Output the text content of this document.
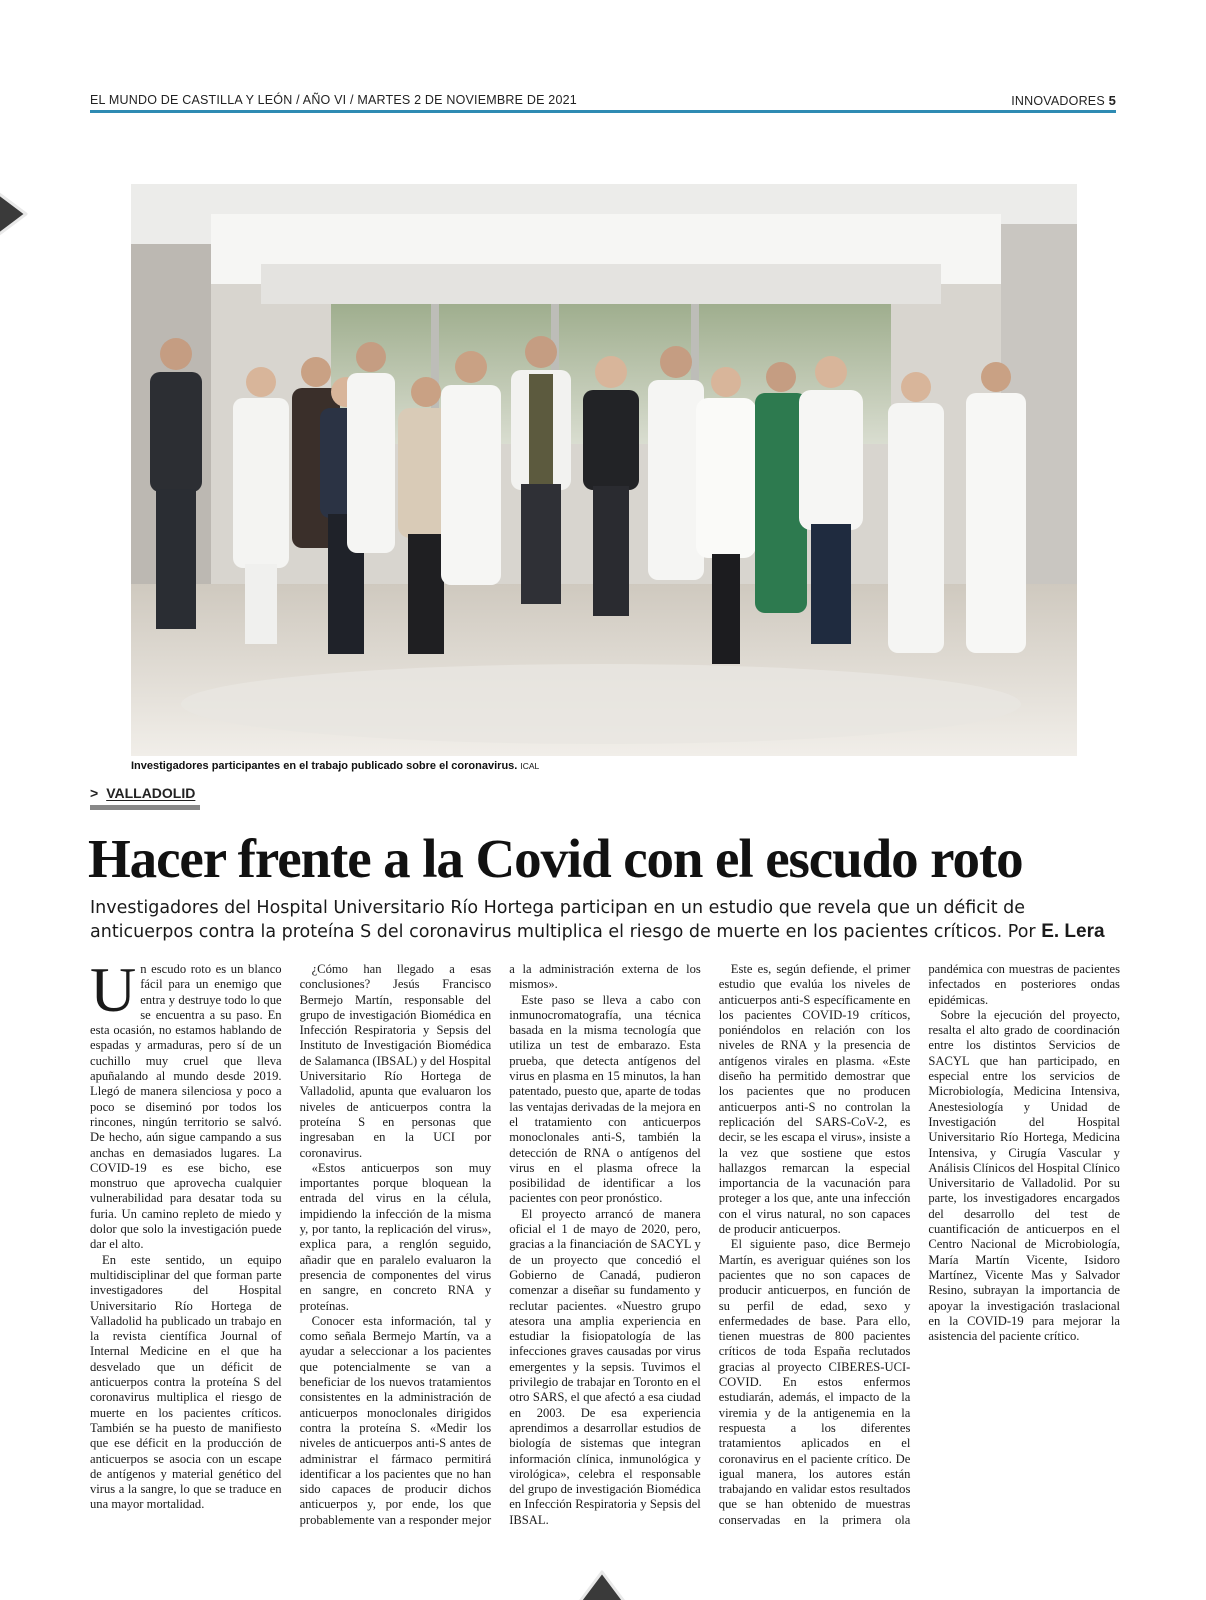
EL MUNDO DE CASTILLA Y LEÓN / AÑO VI / MARTES 2 DE NOVIEMBRE DE 2021	INNOVADORES 5
Investigadores participantes en el trabajo publicado sobre el coronavirus. ICAL
> VALLADOLID
Hacer frente a la Covid con el escudo roto
Investigadores del Hospital Universitario Río Hortega participan en un estudio que revela que un déficit de anticuerpos contra la proteína S del coronavirus multiplica el riesgo de muerte en los pacientes críticos. Por E. Lera

Un escudo roto es un blanco fácil para un enemigo que entra y destruye todo lo que se encuentra a su paso. En esta ocasión, no estamos hablando de espadas y armaduras, pero sí de un cuchillo muy cruel que lleva apuñalando al mundo desde 2019. Llegó de manera silenciosa y poco a poco se diseminó por todos los rincones, ningún territorio se salvó. De hecho, aún sigue campando a sus anchas en demasiados lugares. La COVID-19 es ese bicho, ese monstruo que aprovecha cualquier vulnerabilidad para desatar toda su furia. Un camino repleto de miedo y dolor que solo la investigación puede dar el alto.

En este sentido, un equipo multidisciplinar del que forman parte investigadores del Hospital Universitario Río Hortega de Valladolid ha publicado un trabajo en la revista científica Journal of Internal Medicine en el que ha desvelado que un déficit de anticuerpos contra la proteína S del coronavirus multiplica el riesgo de muerte en los pacientes críticos. También se ha puesto de manifiesto que ese déficit en la producción de anticuerpos se asocia con un escape de antígenos y material genético del virus a la sangre, lo que se traduce en una mayor mortalidad.

¿Cómo han llegado a esas conclusiones? Jesús Francisco Bermejo Martín, responsable del grupo de investigación Biomédica en Infección Respiratoria y Sepsis del Instituto de Investigación Biomédica de Salamanca (IBSAL) y del Hospital Universitario Río Hortega de Valladolid, apunta que evaluaron los niveles de anticuerpos contra la proteína S en personas que ingresaban en la UCI por coronavirus.

«Estos anticuerpos son muy importantes porque bloquean la entrada del virus en la célula, impidiendo la infección de la misma y, por tanto, la replicación del virus», explica para, a renglón seguido, añadir que en paralelo evaluaron la presencia de componentes del virus en sangre, en concreto RNA y proteínas.

Conocer esta información, tal y como señala Bermejo Martín, va a ayudar a seleccionar a los pacientes que potencialmente se van a beneficiar de los nuevos tratamientos consistentes en la administración de anticuerpos monoclonales dirigidos contra la proteína S. «Medir los niveles de anticuerpos anti-S antes de administrar el fármaco permitirá identificar a los pacientes que no han sido capaces de producir dichos anticuerpos y, por ende, los que probablemente van a responder mejor a la administración externa de los mismos».

Este paso se lleva a cabo con inmunocromatografía, una técnica basada en la misma tecnología que utiliza un test de embarazo. Esta prueba, que detecta antígenos del virus en plasma en 15 minutos, la han patentado, puesto que, aparte de todas las ventajas derivadas de la mejora en el tratamiento con anticuerpos monoclonales anti-S, también la detección de RNA o antígenos del virus en el plasma ofrece la posibilidad de identificar a los pacientes con peor pronóstico.

El proyecto arrancó de manera oficial el 1 de mayo de 2020, pero, gracias a la financiación de SACYL y de un proyecto que concedió el Gobierno de Canadá, pudieron comenzar a diseñar su fundamento y reclutar pacientes. «Nuestro grupo atesora una amplia experiencia en estudiar la fisiopatología de las infecciones graves causadas por virus emergentes y la sepsis. Tuvimos el privilegio de trabajar en Toronto en el otro SARS, el que afectó a esa ciudad en 2003. De esa experiencia aprendimos a desarrollar estudios de biología de sistemas que integran información clínica, inmunológica y virológica», celebra el responsable del grupo de investigación Biomédica en Infección Respiratoria y Sepsis del IBSAL.

Este es, según defiende, el primer estudio que evalúa los niveles de anticuerpos anti-S específicamente en los pacientes COVID-19 críticos, poniéndolos en relación con los niveles de RNA y la presencia de antígenos virales en plasma. «Este diseño ha permitido demostrar que los pacientes que no producen anticuerpos anti-S no controlan la replicación del SARS-CoV-2, es decir, se les escapa el virus», insiste a la vez que sostiene que estos hallazgos remarcan la especial importancia de la vacunación para proteger a los que, ante una infección con el virus natural, no son capaces de producir anticuerpos.

El siguiente paso, dice Bermejo Martín, es averiguar quiénes son los pacientes que no son capaces de producir anticuerpos, en función de su perfil de edad, sexo y enfermedades de base. Para ello, tienen muestras de 800 pacientes críticos de toda España reclutados gracias al proyecto CIBERES-UCI-COVID. En estos enfermos estudiarán, además, el impacto de la viremia y de la antigenemia en la respuesta a los diferentes tratamientos aplicados en el coronavirus en el paciente crítico. De igual manera, los autores están trabajando en validar estos resultados que se han obtenido de muestras conservadas en la primera ola pandémica con muestras de pacientes infectados en posteriores ondas epidémicas.

Sobre la ejecución del proyecto, resalta el alto grado de coordinación entre los distintos Servicios de SACYL que han participado, en especial entre los servicios de Microbiología, Medicina Intensiva, Anestesiología y Unidad de Investigación del Hospital Universitario Río Hortega, Medicina Intensiva, y Cirugía Vascular y Análisis Clínicos del Hospital Clínico Universitario de Valladolid. Por su parte, los investigadores encargados del desarrollo del test de cuantificación de anticuerpos en el Centro Nacional de Microbiología, María Martín Vicente, Isidoro Martínez, Vicente Mas y Salvador Resino, subrayan la importancia de apoyar la investigación traslacional en la COVID-19 para mejorar la asistencia del paciente crítico.
